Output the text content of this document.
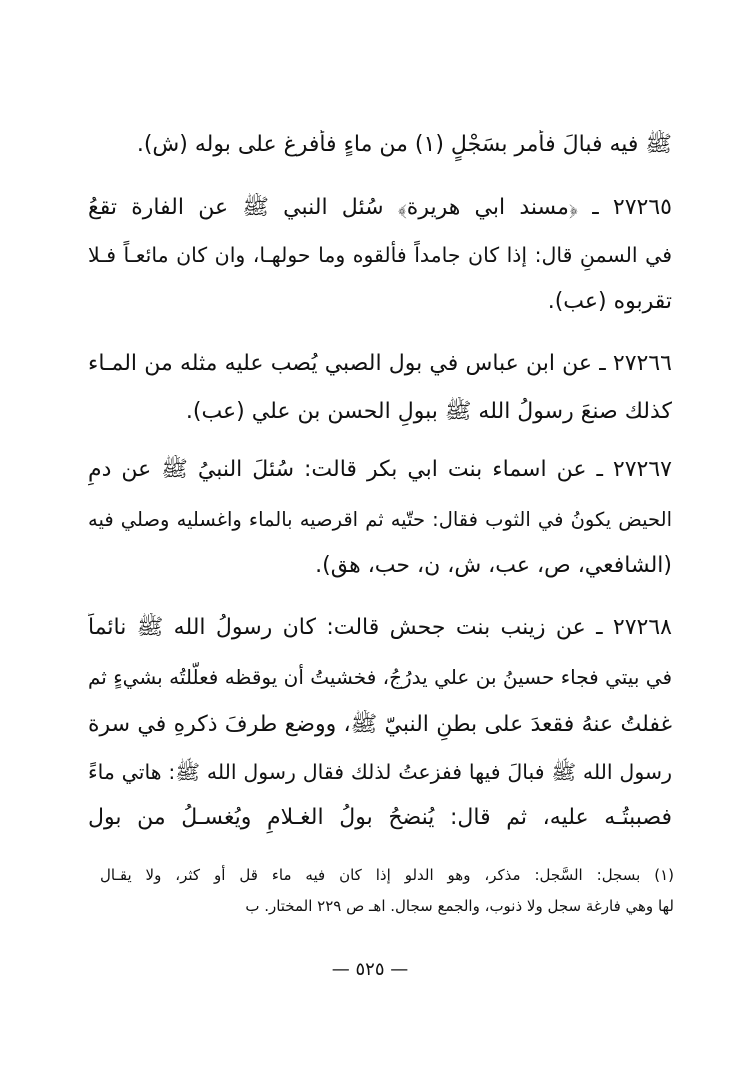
ﷺ فيه فبالَ فأمر بسَجْلٍ (١) من ماءٍ فأفرغ على بوله (ش).
٢٧٢٦٥ ـ ﴿مسند ابي هريرة﴾ سُئل النبي ﷺ عن الفارة تقعُ
في السمنِ قال: إذا كان جامداً فألقوه وما حولهـا، وان كان مائعـاً فـلا
تقربوه (عب).
٢٧٢٦٦ ـ عن ابن عباس في بول الصبي يُصب عليه مثله من المـاء
كذلك صنعَ رسولُ الله ﷺ ببولِ الحسن بن علي (عب).
٢٧٢٦٧ ـ عن اسماء بنت ابي بكر قالت: سُئلَ النبيُ ﷺ عن دمِ
الحيض يكونُ في الثوب فقال: حتّيه ثم اقرصيه بالماء واغسليه وصلي فيه
(الشافعي، ص، عب، ش، ن، حب، هق).
٢٧٢٦٨ ـ عن زينب بنت جحش قالت: كان رسولُ الله ﷺ نائماً
في بيتي فجاء حسينُ بن علي يدرُجُ، فخشيتُ أن يوقظه فعلّلتُه بشيءٍ ثم
غفلتُ عنهُ فقعدَ على بطنِ النبيّ ﷺ، ووضع طرفَ ذكرهِ في سرة
رسول الله ﷺ فبالَ فيها ففزعتُ لذلك فقال رسول الله ﷺ: هاتي ماءً
فصببتُـه عليه، ثم قال: يُنضحُ بولُ الغـلامِ ويُغسـلُ من بول
(١) بسجل: السَّجل: مذكر، وهو الدلو إذا كان فيه ماء قل أو كثر، ولا يقـال
لها وهي فارغة سجل ولا ذنوب، والجمع سجال. اهـ ص ٢٢٩ المختار. ب
— ٥٢٥ —
